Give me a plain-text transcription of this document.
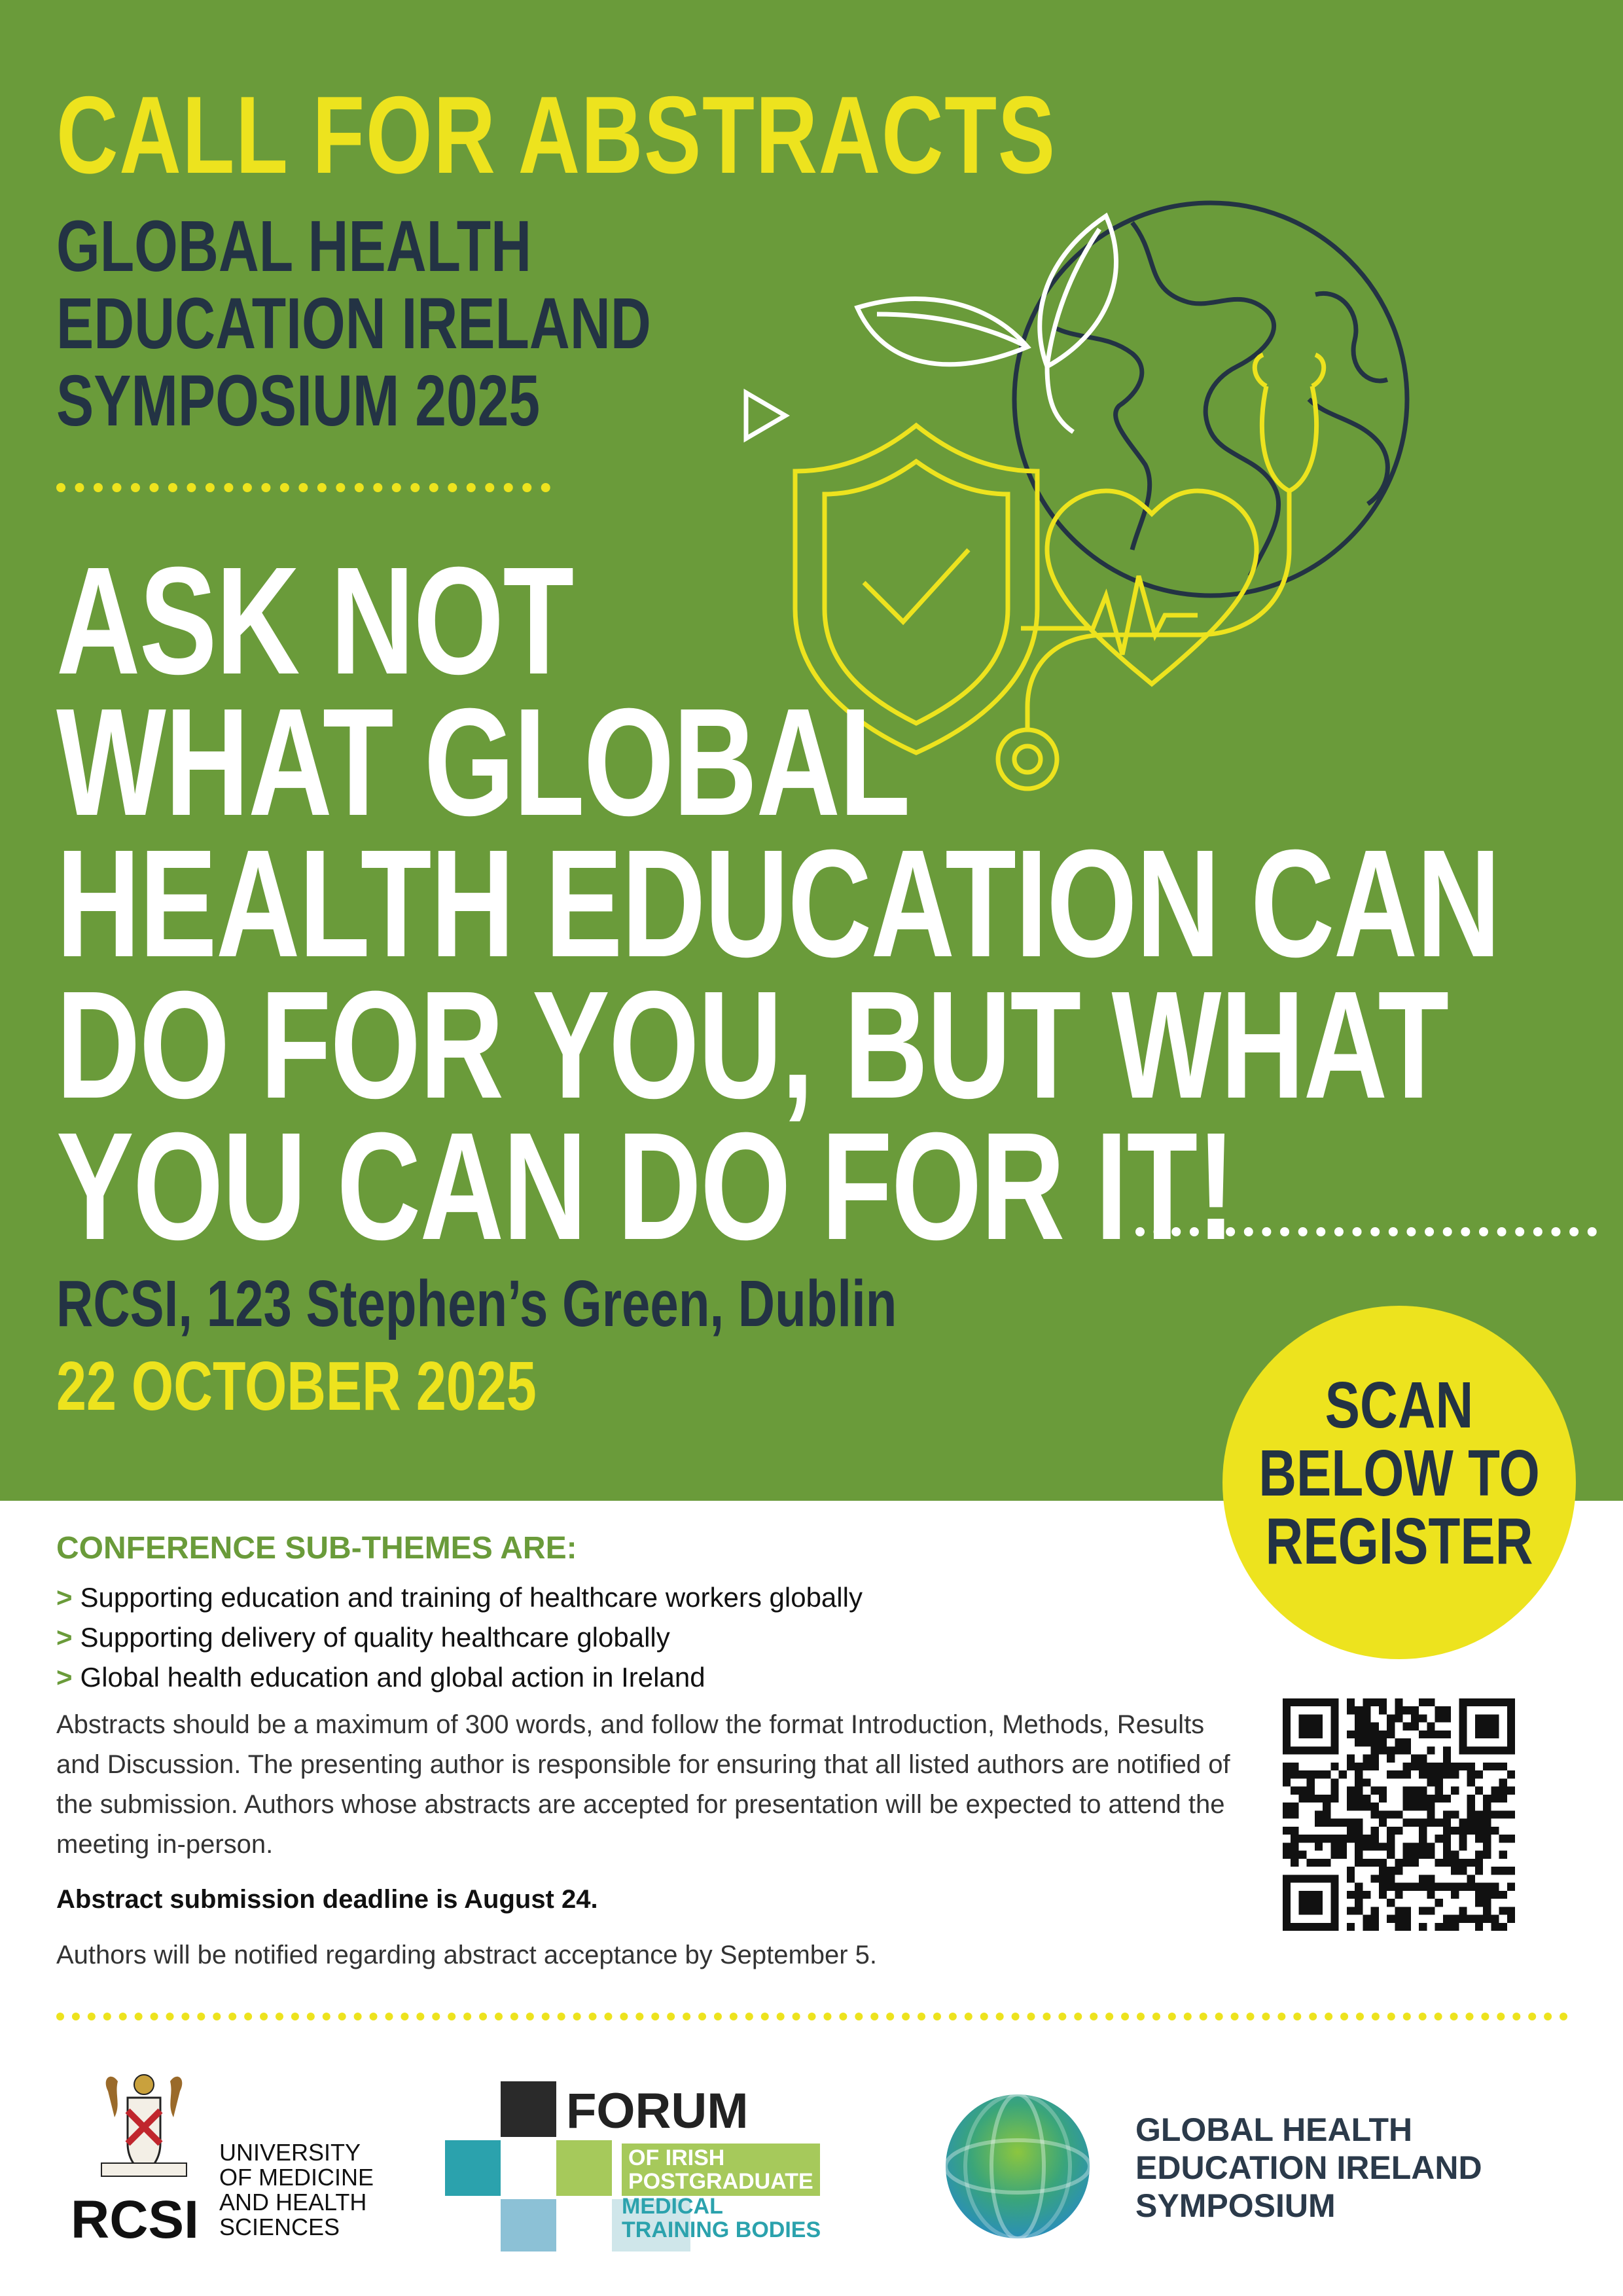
CALL FOR ABSTRACTS
GLOBAL HEALTH
EDUCATION IRELAND
SYMPOSIUM 2025
ASK NOT
WHAT GLOBAL
HEALTH EDUCATION CAN
DO FOR YOU, BUT WHAT
YOU CAN DO FOR IT!
RCSI, 123 Stephen’s Green, Dublin
22 OCTOBER 2025	SCAN
BELOW TO
REGISTER
CONFERENCE SUB-THEMES ARE:
> Supporting education and training of healthcare workers globally
> Supporting delivery of quality healthcare globally
> Global health education and global action in Ireland
Abstracts should be a maximum of 300 words, and follow the format Introduction, Methods, Results and Discussion. The presenting author is responsible for ensuring that all listed authors are notified of the submission. Authors whose abstracts are accepted for presentation will be expected to attend the meeting in-person.
Abstract submission deadline is August 24.
Authors will be notified regarding abstract acceptance by September 5.
RCSI
UNIVERSITY
OF MEDICINE
AND HEALTH
SCIENCES
FORUM
OF IRISH
POSTGRADUATE
MEDICAL
TRAINING BODIES
GLOBAL HEALTH
EDUCATION IRELAND
SYMPOSIUM
